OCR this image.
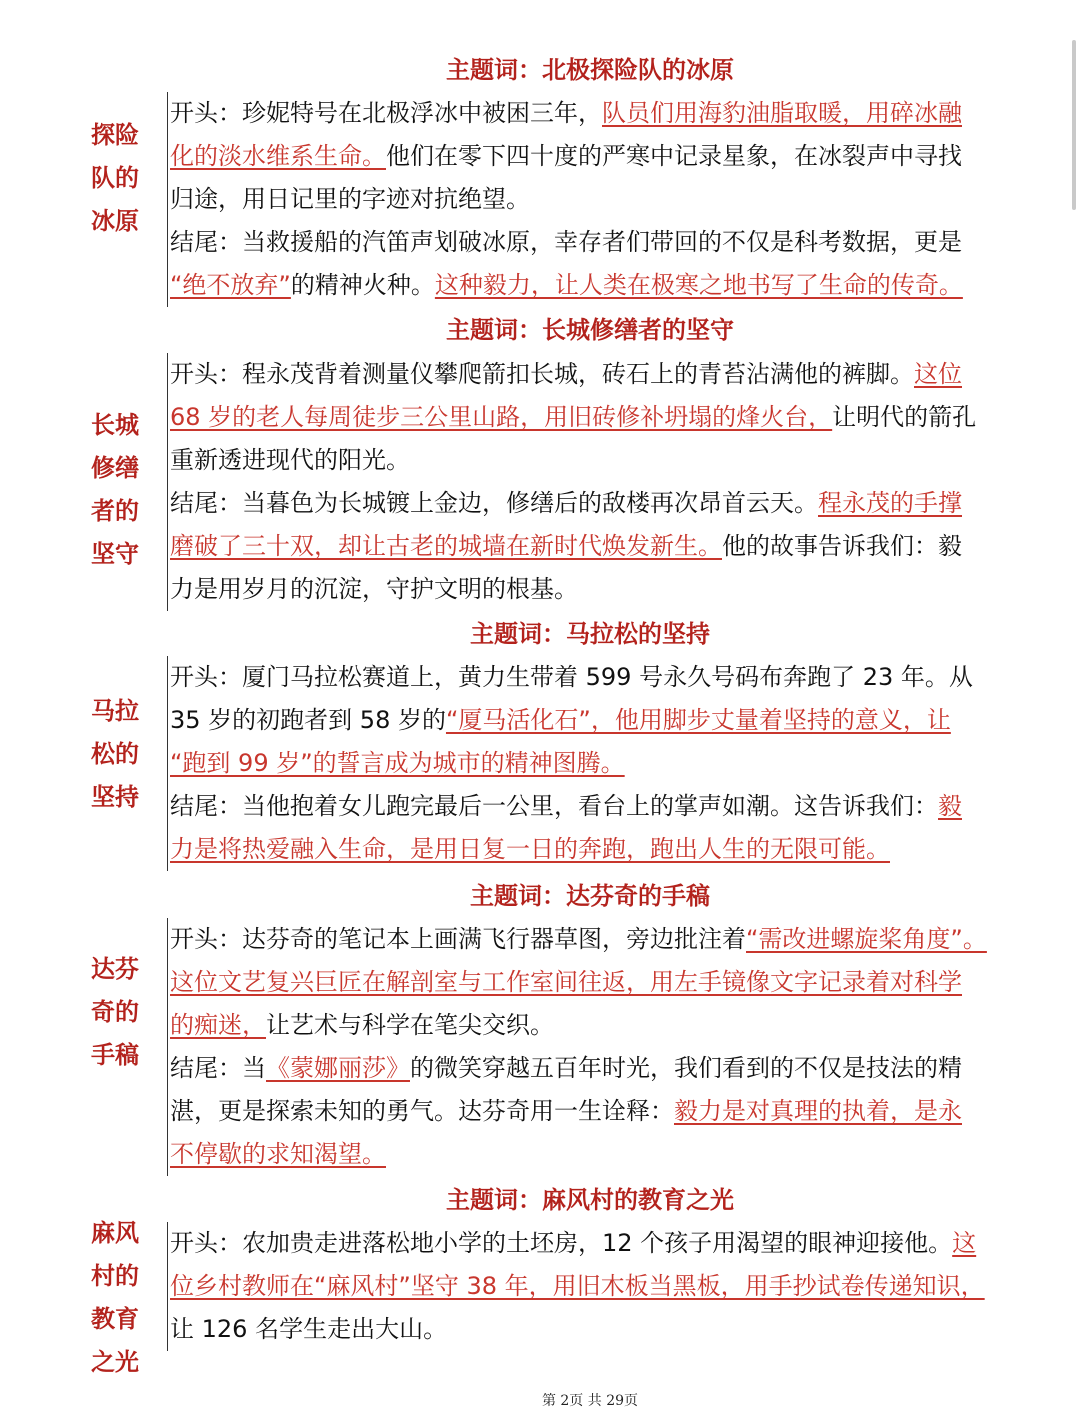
主题词：北极探险队的冰原
探险
队的
冰原
开头：珍妮特号在北极浮冰中被困三年，队员们用海豹油脂取暖，用碎冰融
化的淡水维系生命。他们在零下四十度的严寒中记录星象，在冰裂声中寻找
归途，用日记里的字迹对抗绝望。
结尾：当救援船的汽笛声划破冰原，幸存者们带回的不仅是科考数据，更是
“绝不放弃”的精神火种。这种毅力，让人类在极寒之地书写了生命的传奇。
主题词：长城修缮者的坚守
长城
修缮
者的
坚守
开头：程永茂背着测量仪攀爬箭扣长城，砖石上的青苔沾满他的裤脚。这位
68 岁的老人每周徒步三公里山路，用旧砖修补坍塌的烽火台，让明代的箭孔
重新透进现代的阳光。
结尾：当暮色为长城镀上金边，修缮后的敌楼再次昂首云天。程永茂的手撑
磨破了三十双，却让古老的城墙在新时代焕发新生。他的故事告诉我们：毅
力是用岁月的沉淀，守护文明的根基。
主题词：马拉松的坚持
马拉
松的
坚持
开头：厦门马拉松赛道上，黄力生带着 599 号永久号码布奔跑了 23 年。从
35 岁的初跑者到 58 岁的“厦马活化石”，他用脚步丈量着坚持的意义，让
“跑到 99 岁”的誓言成为城市的精神图腾。
结尾：当他抱着女儿跑完最后一公里，看台上的掌声如潮。这告诉我们：毅
力是将热爱融入生命，是用日复一日的奔跑，跑出人生的无限可能。
主题词：达芬奇的手稿
达芬
奇的
手稿
开头：达芬奇的笔记本上画满飞行器草图，旁边批注着“需改进螺旋桨角度”。
这位文艺复兴巨匠在解剖室与工作室间往返，用左手镜像文字记录着对科学
的痴迷，让艺术与科学在笔尖交织。
结尾：当《蒙娜丽莎》的微笑穿越五百年时光，我们看到的不仅是技法的精
湛，更是探索未知的勇气。达芬奇用一生诠释：毅力是对真理的执着，是永
不停歇的求知渴望。
主题词：麻风村的教育之光
麻风
村的
教育
之光
开头：农加贵走进落松地小学的土坯房，12 个孩子用渴望的眼神迎接他。这
位乡村教师在“麻风村”坚守 38 年，用旧木板当黑板，用手抄试卷传递知识，
让 126 名学生走出大山。
第 2页 共 29页
